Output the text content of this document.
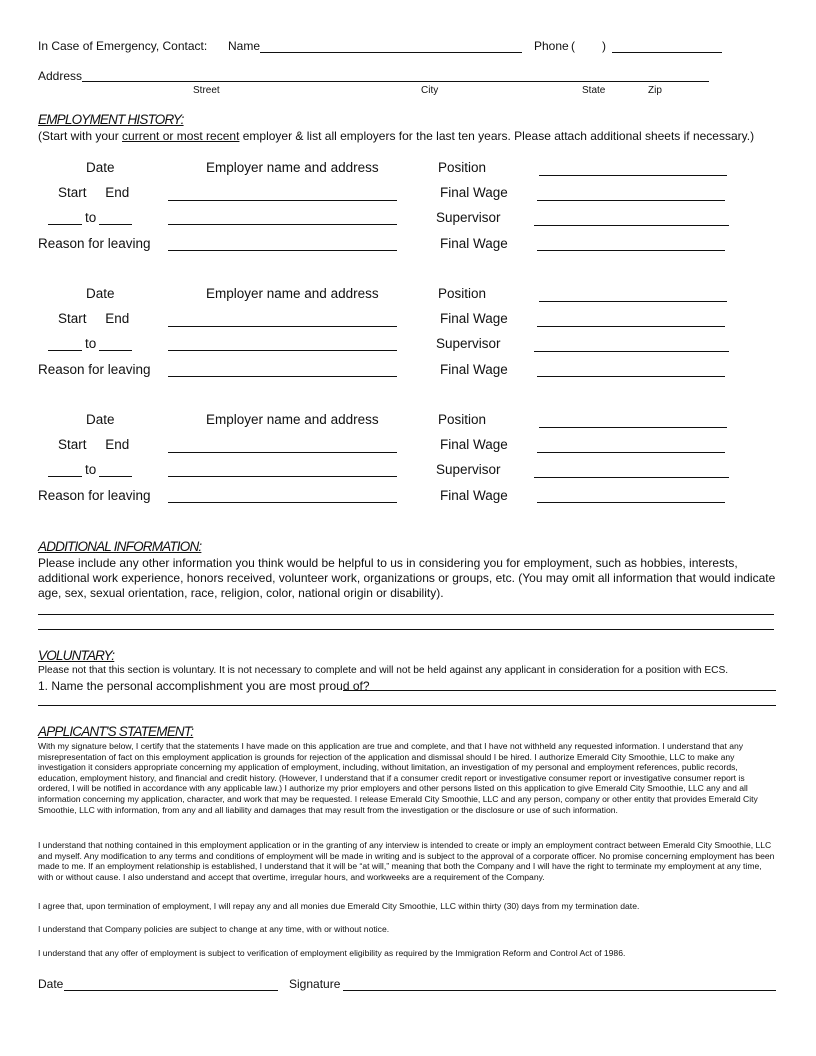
In Case of Emergency, Contact: Name	Phone ( )
Address
Street	City	State	Zip
EMPLOYMENT HISTORY:
(Start with your current or most recent employer & list all employers for the last ten years. Please attach additional sheets if necessary.)
Date	Employer name and address	Position
Start     End	Final Wage
to	Supervisor
Reason for leaving	Final Wage
Date	Employer name and address	Position
Start     End	Final Wage
to	Supervisor
Reason for leaving	Final Wage
Date	Employer name and address	Position
Start     End	Final Wage
to	Supervisor
Reason for leaving	Final Wage
ADDITIONAL INFORMATION:
Please include any other information you think would be helpful to us in considering you for employment, such as hobbies, interests, additional work experience, honors received, volunteer work, organizations or groups, etc. (You may omit all information that would indicate age, sex, sexual orientation, race, religion, color, national origin or disability).
VOLUNTARY:
Please not that this section is voluntary. It is not necessary to complete and will not be held against any applicant in consideration for a position with ECS.
1. Name the personal accomplishment you are most proud of?
APPLICANT'S STATEMENT:
With my signature below, I certify that the statements I have made on this application are true and complete, and that I have not withheld any requested information. I understand that any misrepresentation of fact on this employment application is grounds for rejection of the application and dismissal should I be hired. I authorize Emerald City Smoothie, LLC to make any investigation it considers appropriate concerning my application of employment, including, without limitation, an investigation of my personal and employment references, public records, education, employment history, and financial and credit history. (However, I understand that if a consumer credit report or investigative consumer report or investigative consumer report is ordered, I will be notified in accordance with any applicable law.) I authorize my prior employers and other persons listed on this application to give Emerald City Smoothie, LLC any and all information concerning my application, character, and work that may be requested. I release Emerald City Smoothie, LLC and any person, company or other entity that provides Emerald City Smoothie, LLC with information, from any and all liability and damages that may result from the investigation or the disclosure or use of such information.
I understand that nothing contained in this employment application or in the granting of any interview is intended to create or imply an employment contract between Emerald City Smoothie, LLC and myself. Any modification to any terms and conditions of employment will be made in writing and is subject to the approval of a corporate officer. No promise concerning employment has been made to me. If an employment relationship is established, I understand that it will be “at will,” meaning that both the Company and I will have the right to terminate my employment at any time, with or without cause. I also understand and accept that overtime, irregular hours, and workweeks are a requirement of the Company.
I agree that, upon termination of employment, I will repay any and all monies due Emerald City Smoothie, LLC within thirty (30) days from my termination date.
I understand that Company policies are subject to change at any time, with or without notice.
I understand that any offer of employment is subject to verification of employment eligibility as required by the Immigration Reform and Control Act of 1986.
Date	Signature
